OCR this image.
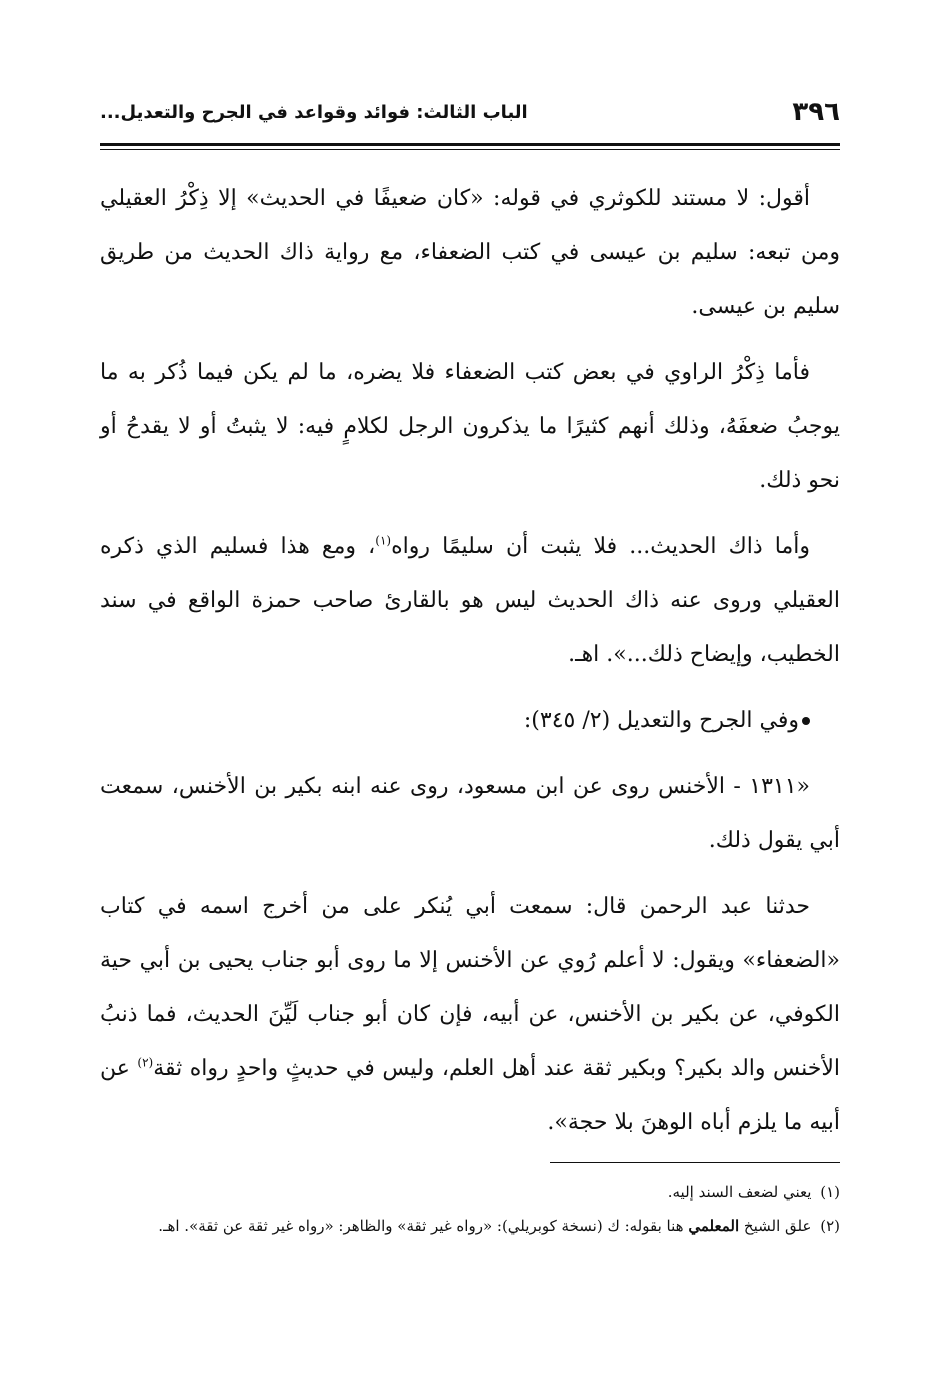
٣٩٦
الباب الثالث: فوائد وقواعد في الجرح والتعديل...

أقول: لا مستند للكوثري في قوله: «كان ضعيفًا في الحديث» إلا ذِكْرُ العقيلي ومن تبعه: سليم بن عيسى في كتب الضعفاء، مع رواية ذاك الحديث من طريق سليم بن عيسى.

فأما ذِكْرُ الراوي في بعض كتب الضعفاء فلا يضره، ما لم يكن فيما ذُكر به ما يوجبُ ضعفَهُ، وذلك أنهم كثيرًا ما يذكرون الرجل لكلامٍ فيه: لا يثبتُ أو لا يقدحُ أو نحو ذلك.

وأما ذاك الحديث... فلا يثبت أن سليمًا رواه$^{(١)}$، ومع هذا فسليم الذي ذكره العقيلي وروى عنه ذاك الحديث ليس هو بالقارئ صاحب حمزة الواقع في سند الخطيب، وإيضاح ذلك...». اهـ.

وفي الجرح والتعديل (٢/ ٣٤٥):

«١٣١١ - الأخنس روى عن ابن مسعود، روى عنه ابنه بكير بن الأخنس، سمعت أبي يقول ذلك.

حدثنا عبد الرحمن قال: سمعت أبي يُنكر على من أخرج اسمه في كتاب «الضعفاء» ويقول: لا أعلم رُوي عن الأخنس إلا ما روى أبو جناب يحيى بن أبي حية الكوفي، عن بكير بن الأخنس، عن أبيه، فإن كان أبو جناب لَيِّنَ الحديث، فما ذنبُ الأخنس والد بكير؟ وبكير ثقة عند أهل العلم، وليس في حديثٍ واحدٍ رواه ثقة$^{(٢)}$ عن أبيه ما يلزم أباه الوهنَ بلا حجة».

(١) يعني لضعف السند إليه.

(٢) علق الشيخ المعلمي هنا بقوله: ك (نسخة كوبريلي): «رواه غير ثقة» والظاهر: «رواه غير ثقة عن ثقة». اهـ.
